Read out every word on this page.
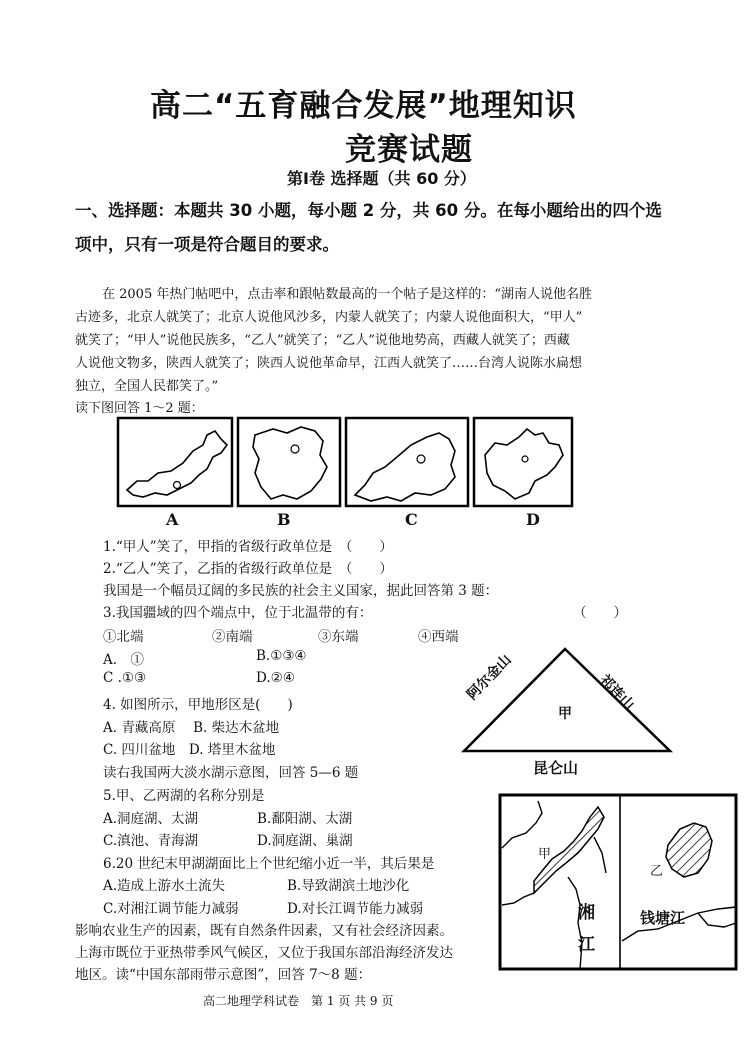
高二“五育融合发展”地理知识
竞赛试题
第Ⅰ卷 选择题（共 60 分）
一、选择题：本题共 30 小题，每小题 2 分，共 60 分。在每小题给出的四个选
项中，只有一项是符合题目的要求。
在 2005 年热门帖吧中，点击率和跟帖数最高的一个帖子是这样的：“湖南人说他名胜
古迹多，北京人就笑了；北京人说他风沙多，内蒙人就笑了；内蒙人说他面积大，“甲人”
就笑了；“甲人”说他民族多，“乙人”就笑了；“乙人”说他地势高，西藏人就笑了；西藏
人说他文物多，陕西人就笑了；陕西人说他革命早，江西人就笑了……台湾人说陈水扁想
独立，全国人民都笑了。”
读下图回答 1～2 题：
A	B	C	D
1.“甲人”笑了，甲指的省级行政单位是　（　　）
2.“乙人”笑了，乙指的省级行政单位是　（　　）
我国是一个幅员辽阔的多民族的社会主义国家，据此回答第 3 题：
3.我国疆域的四个端点中，位于北温带的有：	（　　）
①北端	②南端	③东端	④西端
A.　①	B.①③④
C .①③	D.②④
4. 如图所示，甲地形区是(　　)
A. 青藏高原　 B. 柴达木盆地
C. 四川盆地　D. 塔里木盆地
阿尔金山	祁连山
甲
昆仑山
读右我国两大淡水湖示意图，回答 5—6 题
5.甲、乙两湖的名称分别是
A.洞庭湖、太湖	B.鄱阳湖、太湖
C.滇池、青海湖	D.洞庭湖、巢湖
6.20 世纪末甲湖湖面比上个世纪缩小近一半，其后果是
A.造成上游水土流失	B.导致湖滨土地沙化
C.对湘江调节能力减弱	D.对长江调节能力减弱
甲
乙
湘
江
钱塘江
影响农业生产的因素，既有自然条件因素，又有社会经济因素。
上海市既位于亚热带季风气候区，又位于我国东部沿海经济发达
地区。读“中国东部雨带示意图”，回答 7～8 题：
高二地理学科试卷　第 1 页 共 9 页
